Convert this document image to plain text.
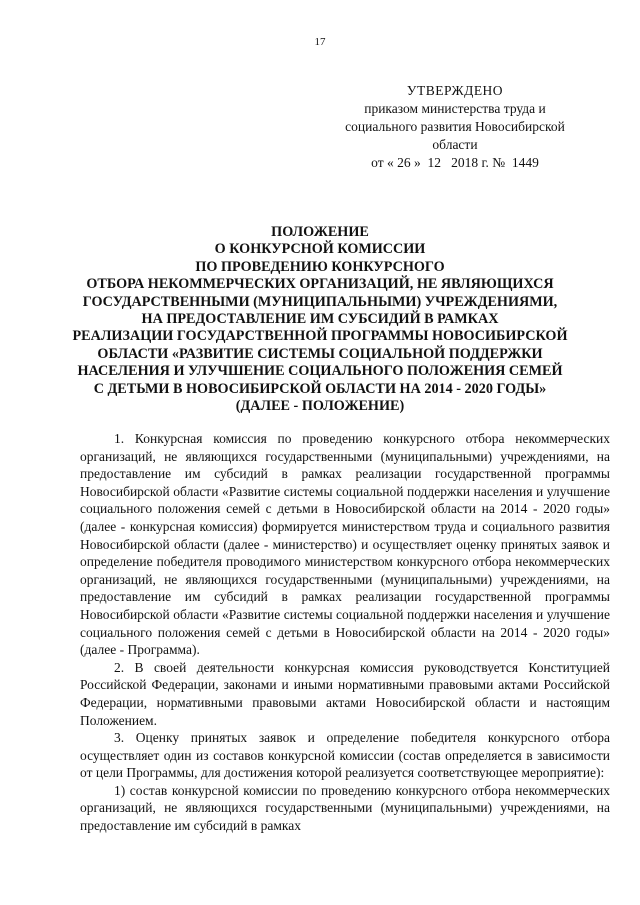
17
УТВЕРЖДЕНО
приказом министерства труда и
социального развития Новосибирской
области
от « 26 »  12   2018 г. №  1449
ПОЛОЖЕНИЕ
О КОНКУРСНОЙ КОМИССИИ
ПО ПРОВЕДЕНИЮ КОНКУРСНОГО
ОТБОРА НЕКОММЕРЧЕСКИХ ОРГАНИЗАЦИЙ, НЕ ЯВЛЯЮЩИХСЯ
ГОСУДАРСТВЕННЫМИ (МУНИЦИПАЛЬНЫМИ) УЧРЕЖДЕНИЯМИ,
НА ПРЕДОСТАВЛЕНИЕ ИМ СУБСИДИЙ В РАМКАХ
РЕАЛИЗАЦИИ ГОСУДАРСТВЕННОЙ ПРОГРАММЫ НОВОСИБИРСКОЙ
ОБЛАСТИ «РАЗВИТИЕ СИСТЕМЫ СОЦИАЛЬНОЙ ПОДДЕРЖКИ
НАСЕЛЕНИЯ И УЛУЧШЕНИЕ СОЦИАЛЬНОГО ПОЛОЖЕНИЯ СЕМЕЙ
С ДЕТЬМИ В НОВОСИБИРСКОЙ ОБЛАСТИ НА 2014 - 2020 ГОДЫ»
(ДАЛЕЕ - ПОЛОЖЕНИЕ)

1. Конкурсная комиссия по проведению конкурсного отбора некоммерческих организаций, не являющихся государственными (муниципальными) учреждениями, на предоставление им субсидий в рамках реализации государственной программы Новосибирской области «Развитие системы социальной поддержки населения и улучшение социального положения семей с детьми в Новосибирской области на 2014 - 2020 годы» (далее - конкурсная комиссия) формируется министерством труда и социального развития Новосибирской области (далее - министерство) и осуществляет оценку принятых заявок и определение победителя проводимого министерством конкурсного отбора некоммерческих организаций, не являющихся государственными (муниципальными) учреждениями, на предоставление им субсидий в рамках реализации государственной программы Новосибирской области «Развитие системы социальной поддержки населения и улучшение социального положения семей с детьми в Новосибирской области на 2014 - 2020 годы» (далее - Программа).

2. В своей деятельности конкурсная комиссия руководствуется Конституцией Российской Федерации, законами и иными нормативными правовыми актами Российской Федерации, нормативными правовыми актами Новосибирской области и настоящим Положением.

3. Оценку принятых заявок и определение победителя конкурсного отбора осуществляет один из составов конкурсной комиссии (состав определяется в зависимости от цели Программы, для достижения которой реализуется соответствующее мероприятие):

1) состав конкурсной комиссии по проведению конкурсного отбора некоммерческих организаций, не являющихся государственными (муниципальными) учреждениями, на предоставление им субсидий в рамках
